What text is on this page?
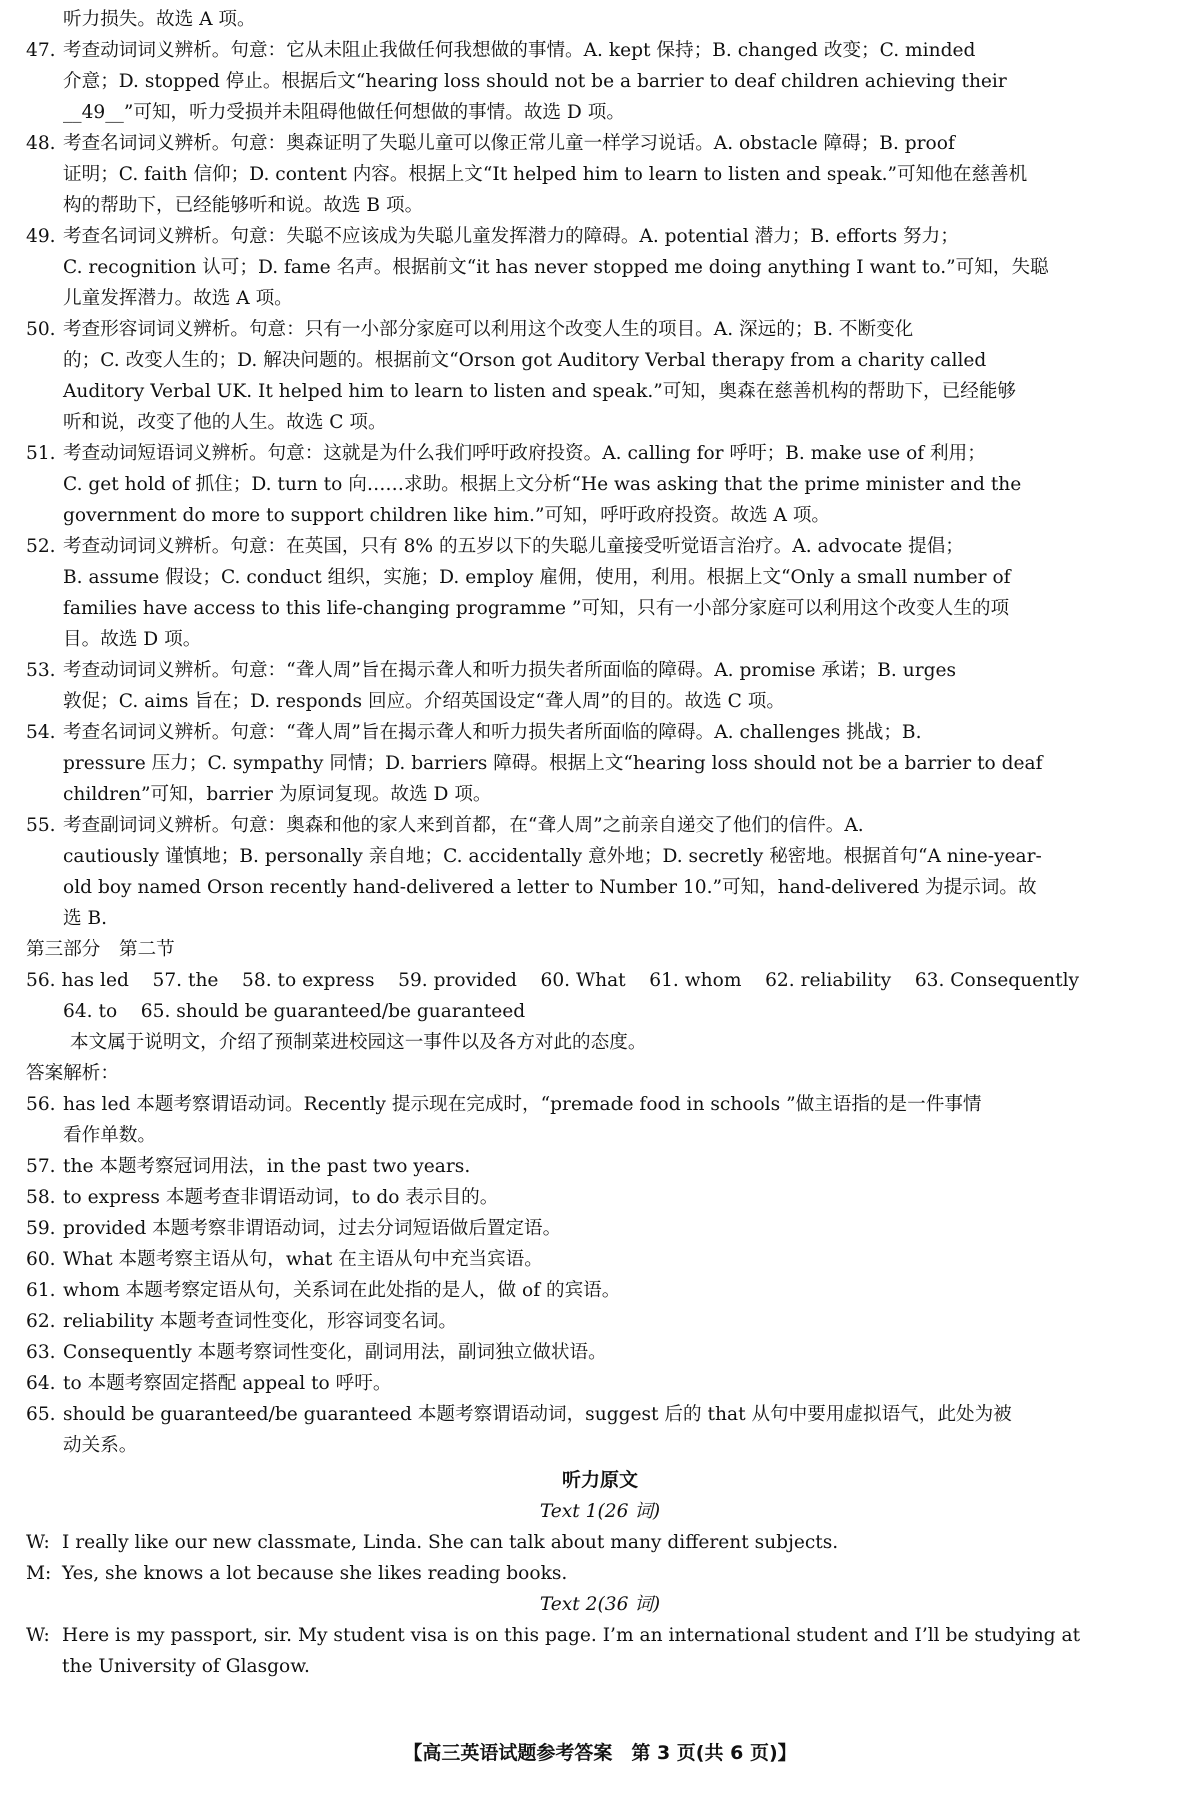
听力损失。故选 A 项。
47. 考查动词词义辨析。句意：它从未阻止我做任何我想做的事情。A. kept 保持；B. changed 改变；C. minded
介意；D. stopped 停止。根据后文“hearing loss should not be a barrier to deaf children achieving their
__49__”可知，听力受损并未阻碍他做任何想做的事情。故选 D 项。
48. 考查名词词义辨析。句意：奥森证明了失聪儿童可以像正常儿童一样学习说话。A. obstacle 障碍；B. proof
证明；C. faith 信仰；D. content 内容。根据上文“It helped him to learn to listen and speak.”可知他在慈善机
构的帮助下，已经能够听和说。故选 B 项。
49. 考查名词词义辨析。句意：失聪不应该成为失聪儿童发挥潜力的障碍。A. potential 潜力；B. efforts 努力；
C. recognition 认可；D. fame 名声。根据前文“it has never stopped me doing anything I want to.”可知，失聪
儿童发挥潜力。故选 A 项。
50. 考查形容词词义辨析。句意：只有一小部分家庭可以利用这个改变人生的项目。A. 深远的；B. 不断变化
的；C. 改变人生的；D. 解决问题的。根据前文“Orson got Auditory Verbal therapy from a charity called
Auditory Verbal UK. It helped him to learn to listen and speak.”可知，奥森在慈善机构的帮助下，已经能够
听和说，改变了他的人生。故选 C 项。
51. 考查动词短语词义辨析。句意：这就是为什么我们呼吁政府投资。A. calling for 呼吁；B. make use of 利用；
C. get hold of 抓住；D. turn to 向……求助。根据上文分析“He was asking that the prime minister and the
government do more to support children like him.”可知，呼吁政府投资。故选 A 项。
52. 考查动词词义辨析。句意：在英国，只有 8% 的五岁以下的失聪儿童接受听觉语言治疗。A. advocate 提倡；
B. assume 假设；C. conduct 组织，实施；D. employ 雇佣，使用，利用。根据上文“Only a small number of
families have access to this life-changing programme ”可知，只有一小部分家庭可以利用这个改变人生的项
目。故选 D 项。
53. 考查动词词义辨析。句意：“聋人周”旨在揭示聋人和听力损失者所面临的障碍。A. promise 承诺；B. urges
敦促；C. aims 旨在；D. responds 回应。介绍英国设定“聋人周”的目的。故选 C 项。
54. 考查名词词义辨析。句意：“聋人周”旨在揭示聋人和听力损失者所面临的障碍。A. challenges 挑战；B.
pressure 压力；C. sympathy 同情；D. barriers 障碍。根据上文“hearing loss should not be a barrier to deaf
children”可知，barrier 为原词复现。故选 D 项。
55. 考查副词词义辨析。句意：奥森和他的家人来到首都，在“聋人周”之前亲自递交了他们的信件。A.
cautiously 谨慎地；B. personally 亲自地；C. accidentally 意外地；D. secretly 秘密地。根据首句“A nine-year-
old boy named Orson recently hand-delivered a letter to Number 10.”可知，hand-delivered 为提示词。故
选 B.
第三部分　第二节
56. has led    57. the    58. to express    59. provided    60. What    61. whom    62. reliability    63. Consequently
64. to    65. should be guaranteed/be guaranteed
本文属于说明文，介绍了预制菜进校园这一事件以及各方对此的态度。
答案解析：
56. has led 本题考察谓语动词。Recently 提示现在完成时，“premade food in schools ”做主语指的是一件事情
看作单数。
57. the 本题考察冠词用法，in the past two years.
58. to express 本题考查非谓语动词，to do 表示目的。
59. provided 本题考察非谓语动词，过去分词短语做后置定语。
60. What 本题考察主语从句，what 在主语从句中充当宾语。
61. whom 本题考察定语从句，关系词在此处指的是人，做 of 的宾语。
62. reliability 本题考查词性变化，形容词变名词。
63. Consequently 本题考察词性变化，副词用法，副词独立做状语。
64. to 本题考察固定搭配 appeal to 呼吁。
65. should be guaranteed/be guaranteed 本题考察谓语动词，suggest 后的 that 从句中要用虚拟语气，此处为被
动关系。
听力原文
Text 1(26 词)
W: I really like our new classmate, Linda. She can talk about many different subjects.
M: Yes, she knows a lot because she likes reading books.
Text 2(36 词)
W: Here is my passport, sir. My student visa is on this page. I’m an international student and I’ll be studying at
the University of Glasgow.
【高三英语试题参考答案　第 3 页(共 6 页)】
